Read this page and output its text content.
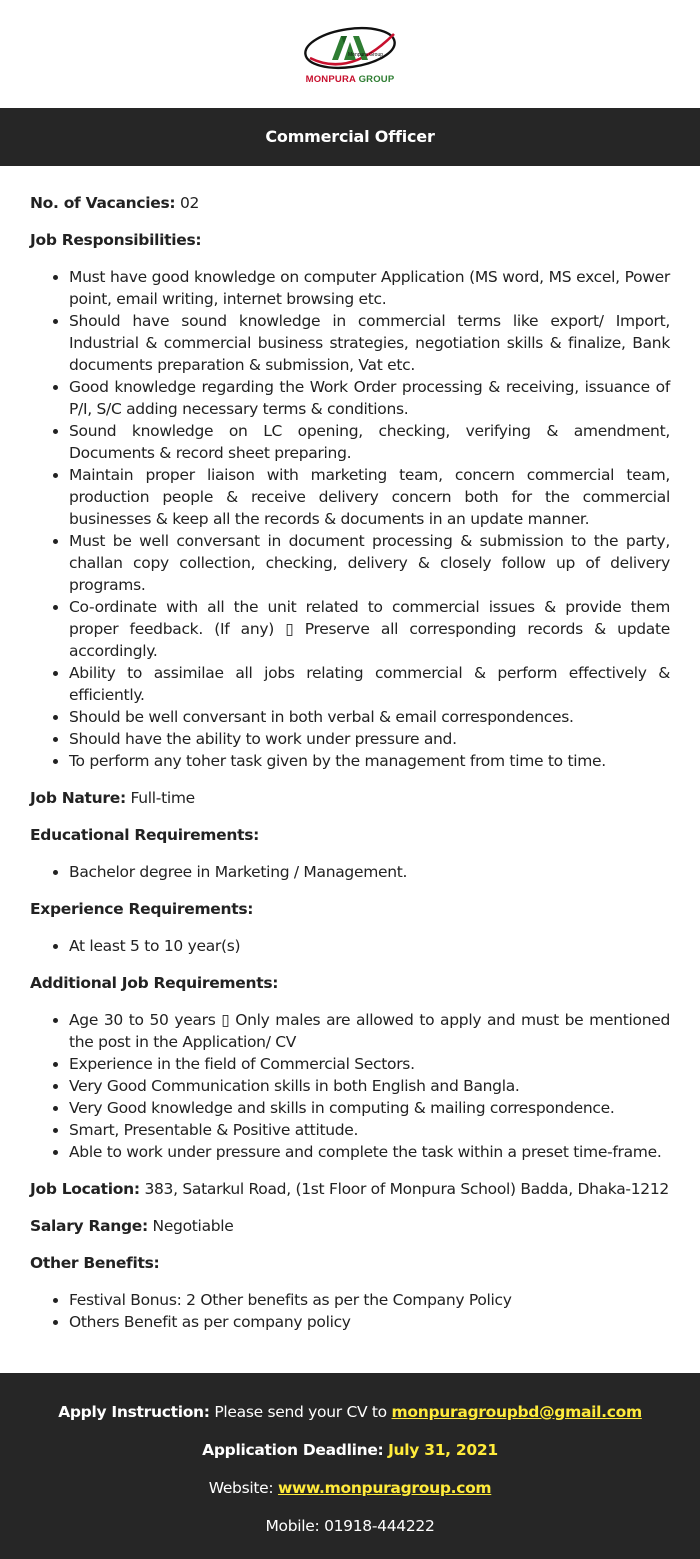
Monpura Group
MONPURA GROUP
Commercial Officer

No. of Vacancies: 02

Job Responsibilities:

• Must have good knowledge on computer Application (MS word, MS excel, Power point, email writing, internet browsing etc.
• Should have sound knowledge in commercial terms like export/ Import, Industrial & commercial business strategies, negotiation skills & finalize, Bank documents preparation & submission, Vat etc.
• Good knowledge regarding the Work Order processing & receiving, issuance of P/I, S/C adding necessary terms & conditions.
• Sound knowledge on LC opening, checking, verifying & amendment, Documents & record sheet preparing.
• Maintain proper liaison with marketing team, concern commercial team, production people & receive delivery concern both for the commercial businesses & keep all the records & documents in an update manner.
• Must be well conversant in document processing & submission to the party, challan copy collection, checking, delivery & closely follow up of delivery programs.
• Co-ordinate with all the unit related to commercial issues & provide them proper feedback. (If any) ▯ Preserve all corresponding records & update accordingly.
• Ability to assimilae all jobs relating commercial & perform effectively & efficiently.
• Should be well conversant in both verbal & email correspondences.
• Should have the ability to work under pressure and.
• To perform any toher task given by the management from time to time.

Job Nature: Full-time

Educational Requirements:

• Bachelor degree in Marketing / Management.

Experience Requirements:

• At least 5 to 10 year(s)

Additional Job Requirements:

• Age 30 to 50 years ▯ Only males are allowed to apply and must be mentioned the post in the Application/ CV
• Experience in the field of Commercial Sectors.
• Very Good Communication skills in both English and Bangla.
• Very Good knowledge and skills in computing & mailing correspondence.
• Smart, Presentable & Positive attitude.
• Able to work under pressure and complete the task within a preset time-frame.

Job Location: 383, Satarkul Road, (1st Floor of Monpura School) Badda, Dhaka-1212

Salary Range: Negotiable

Other Benefits:

• Festival Bonus: 2 Other benefits as per the Company Policy
• Others Benefit as per company policy

Apply Instruction: Please send your CV to monpuragroupbd@gmail.com

Application Deadline: July 31, 2021

Website: www.monpuragroup.com

Mobile: 01918-444222
